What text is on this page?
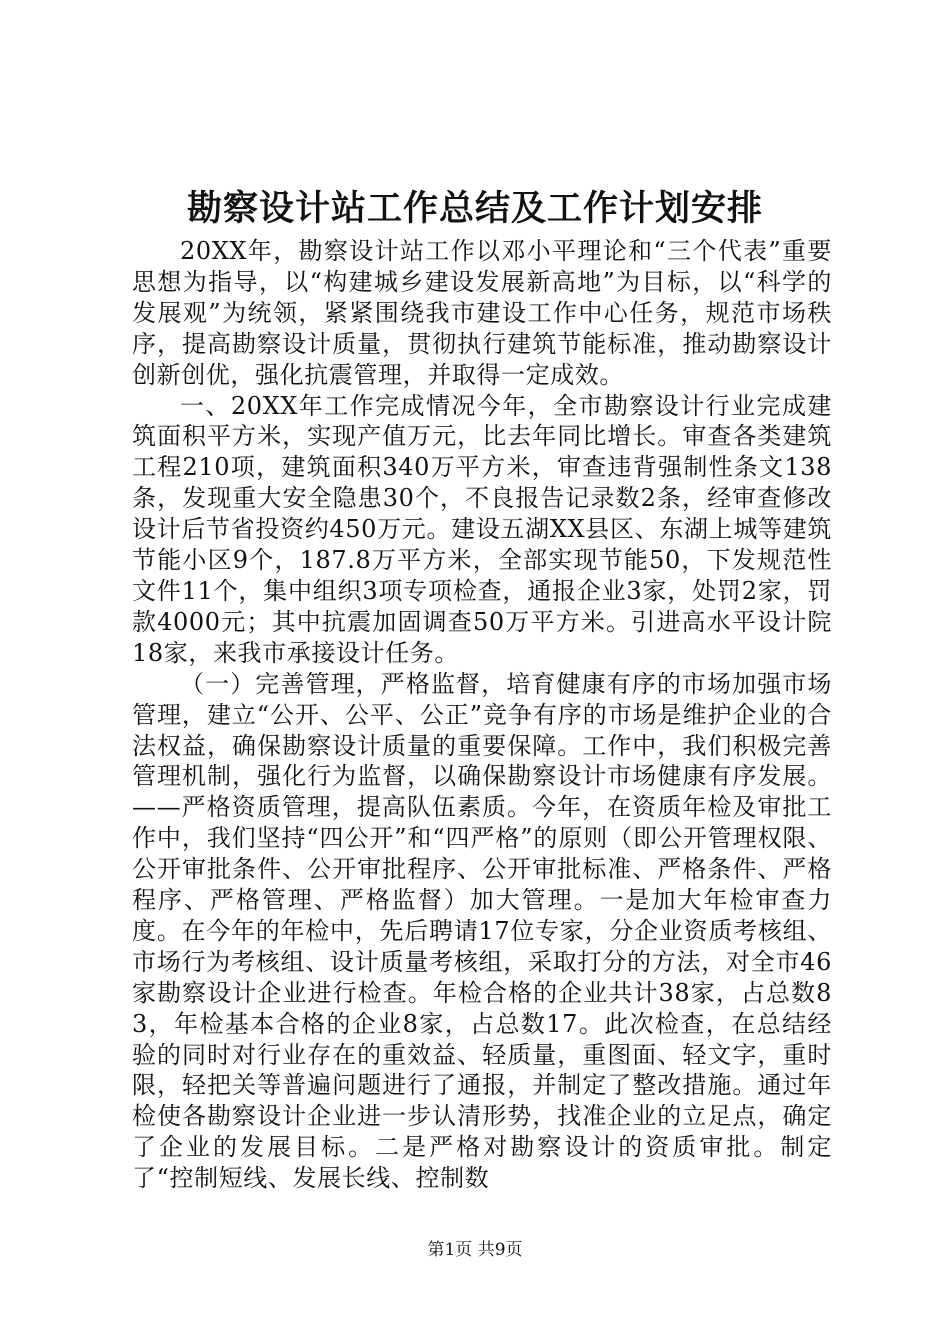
勘察设计站工作总结及工作计划安排

20XX年，勘察设计站工作以邓小平理论和“三个代表”重要思想为指导，以“构建城乡建设发展新高地”为目标，以“科学的发展观”为统领，紧紧围绕我市建设工作中心任务，规范市场秩序，提高勘察设计质量，贯彻执行建筑节能标准，推动勘察设计创新创优，强化抗震管理，并取得一定成效。

一、20XX年工作完成情况今年，全市勘察设计行业完成建筑面积平方米，实现产值万元，比去年同比增长。审查各类建筑工程210项，建筑面积340万平方米，审查违背强制性条文138条，发现重大安全隐患30个，不良报告记录数2条，经审查修改设计后节省投资约450万元。建设五湖XX县区、东湖上城等建筑节能小区9个，187.8万平方米，全部实现节能50，下发规范性文件11个，集中组织3项专项检查，通报企业3家，处罚2家，罚款4000元；其中抗震加固调查50万平方米。引进高水平设计院18家，来我市承接设计任务。

（一）完善管理，严格监督，培育健康有序的市场加强市场管理，建立“公开、公平、公正”竞争有序的市场是维护企业的合法权益，确保勘察设计质量的重要保障。工作中，我们积极完善管理机制，强化行为监督，以确保勘察设计市场健康有序发展。——严格资质管理，提高队伍素质。今年，在资质年检及审批工作中，我们坚持“四公开”和“四严格”的原则（即公开管理权限、公开审批条件、公开审批程序、公开审批标准、严格条件、严格程序、严格管理、严格监督）加大管理。一是加大年检审查力度。在今年的年检中，先后聘请17位专家，分企业资质考核组、市场行为考核组、设计质量考核组，采取打分的方法，对全市46家勘察设计企业进行检查。年检合格的企业共计38家，占总数83，年检基本合格的企业8家，占总数17。此次检查，在总结经验的同时对行业存在的重效益、轻质量，重图面、轻文字，重时限，轻把关等普遍问题进行了通报，并制定了整改措施。通过年检使各勘察设计企业进一步认清形势，找准企业的立足点，确定了企业的发展目标。二是严格对勘察设计的资质审批。制定了“控制短线、发展长线、控制数

第1页 共9页
